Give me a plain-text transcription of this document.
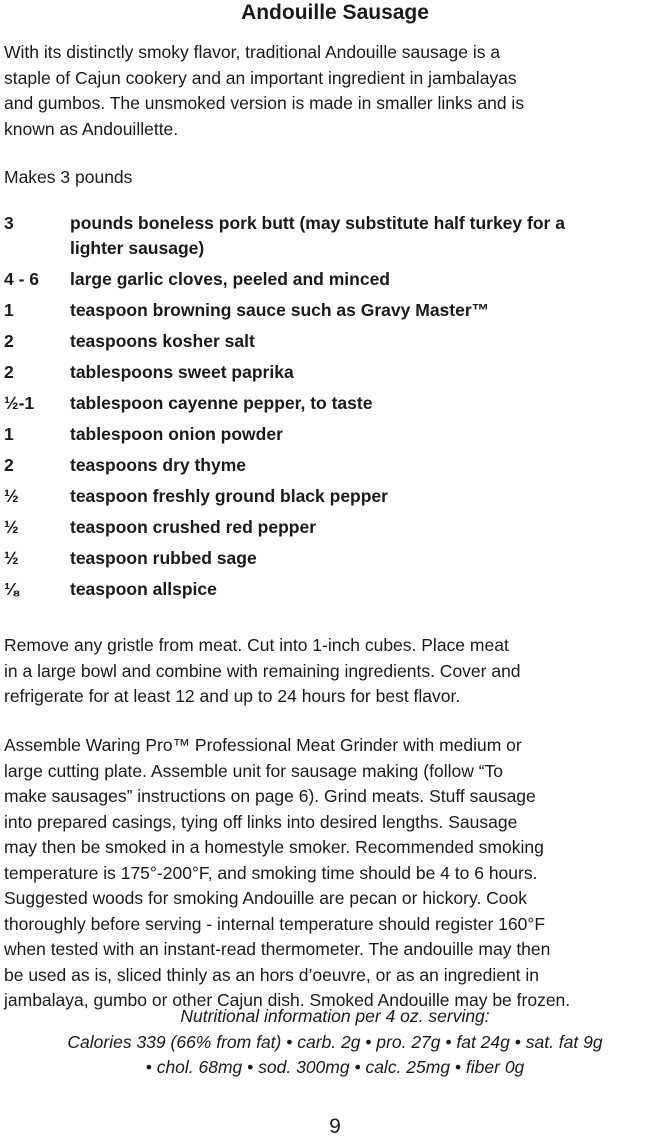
Andouille Sausage
With its distinctly smoky flavor, traditional Andouille sausage is a
staple of Cajun cookery and an important ingredient in jambalayas
and gumbos. The unsmoked version is made in smaller links and is
known as Andouillette.
Makes 3 pounds
3	pounds boneless pork butt (may substitute half turkey for a
lighter sausage)
4 - 6	large garlic cloves, peeled and minced
1	teaspoon browning sauce such as Gravy Master™
2	teaspoons kosher salt
2	tablespoons sweet paprika
½-1	tablespoon cayenne pepper, to taste
1	tablespoon onion powder
2	teaspoons dry thyme
½	teaspoon freshly ground black pepper
½	teaspoon crushed red pepper
½	teaspoon rubbed sage
⅛	teaspoon allspice
Remove any gristle from meat. Cut into 1-inch cubes. Place meat
in a large bowl and combine with remaining ingredients. Cover and
refrigerate for at least 12 and up to 24 hours for best flavor.
Assemble Waring Pro™ Professional Meat Grinder with medium or
large cutting plate. Assemble unit for sausage making (follow “To
make sausages” instructions on page 6). Grind meats. Stuff sausage
into prepared casings, tying off links into desired lengths. Sausage
may then be smoked in a homestyle smoker. Recommended smoking
temperature is 175°-200°F, and smoking time should be 4 to 6 hours.
Suggested woods for smoking Andouille are pecan or hickory. Cook
thoroughly before serving - internal temperature should register 160°F
when tested with an instant-read thermometer. The andouille may then
be used as is, sliced thinly as an hors d’oeuvre, or as an ingredient in
jambalaya, gumbo or other Cajun dish. Smoked Andouille may be frozen.
Nutritional information per 4 oz. serving:
Calories 339 (66% from fat) • carb. 2g • pro. 27g • fat 24g • sat. fat 9g
• chol. 68mg • sod. 300mg • calc. 25mg • fiber 0g
9
